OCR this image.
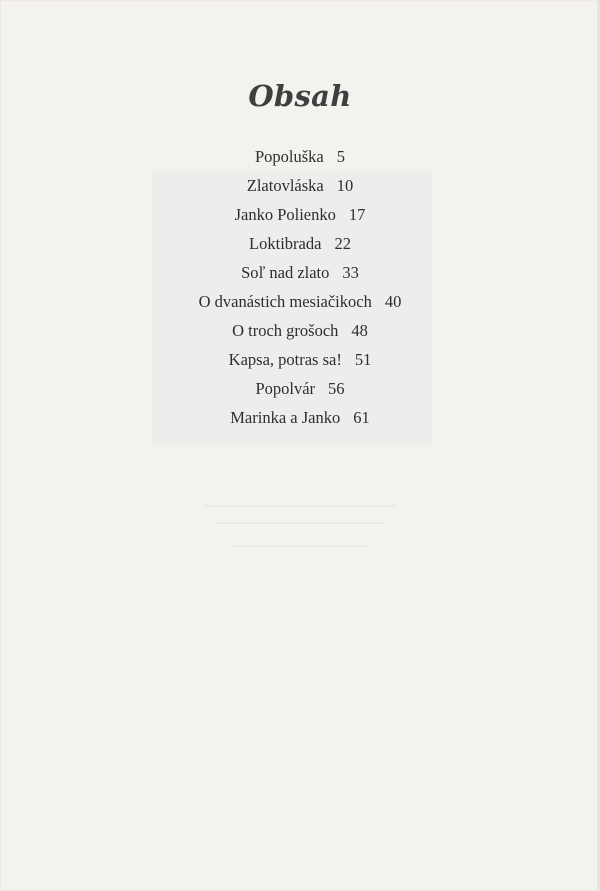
Obsah
Popoluška 5
Zlatovláska 10
Janko Polienko 17
Loktibrada 22
Soľ nad zlato 33
O dvanástich mesiačikoch 40
O troch grošoch 48
Kapsa, potras sa! 51
Popolvár 56
Marinka a Janko 61
